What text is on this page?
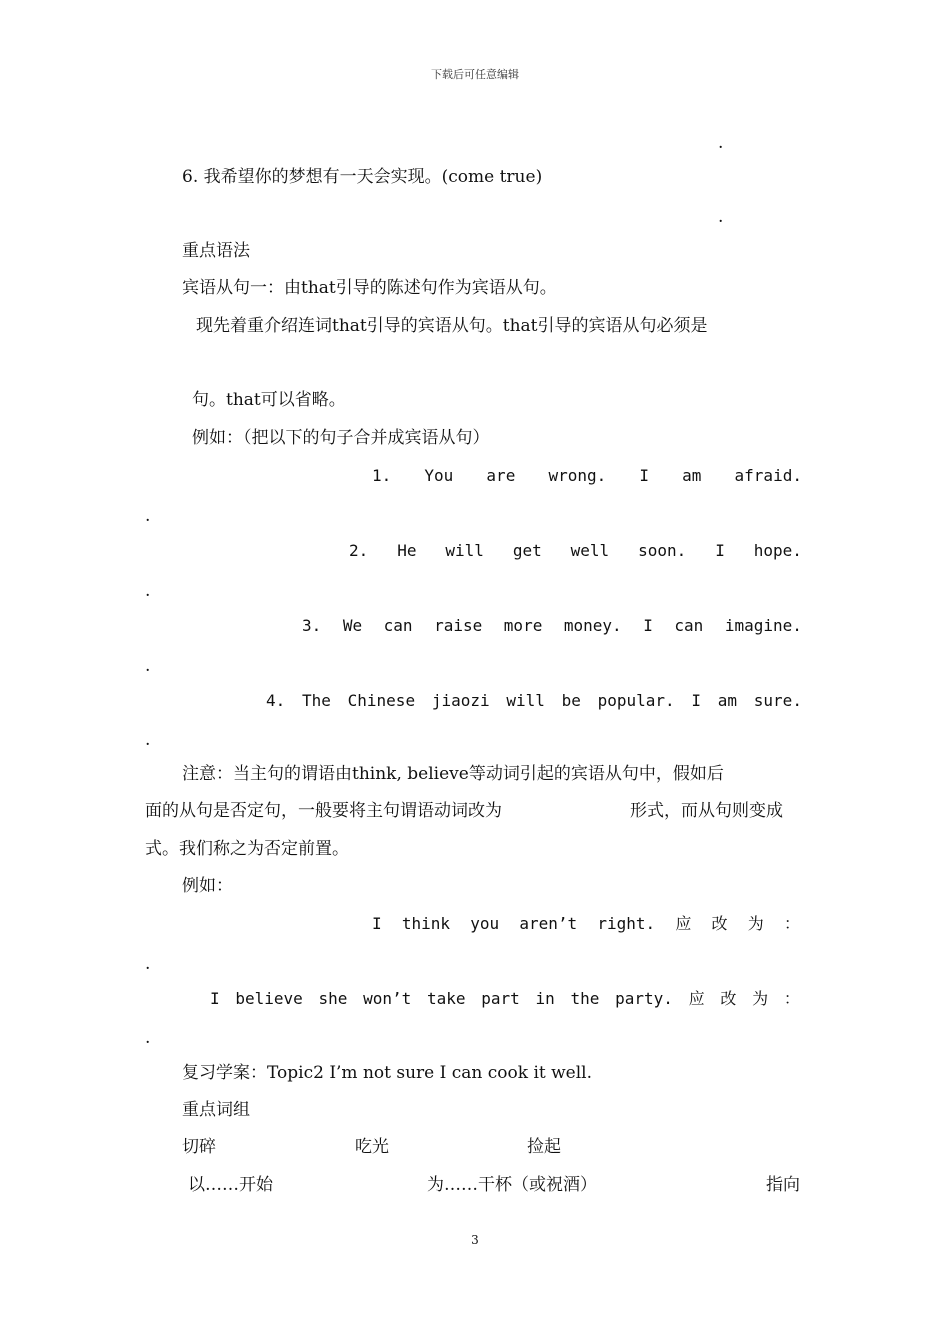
下载后可任意编辑
.
6. 我希望你的梦想有一天会实现。(come true)
.
重点语法
宾语从句一：由that引导的陈述句作为宾语从句。
现先着重介绍连词that引导的宾语从句。that引导的宾语从句必须是
句。that可以省略。
例如：（把以下的句子合并成宾语从句）
1. You are wrong. I am afraid.
.
2. He will get well soon. I hope.
.
3. We can raise more money. I can imagine.
.
4. The Chinese jiaozi will be popular. I am sure.
.
注意：当主句的谓语由think, believe等动词引起的宾语从句中，假如后
面的从句是否定句，一般要将主句谓语动词改为	形式，而从句则变成
式。我们称之为否定前置。
例如：
I think you aren’t right. 应 改 为 ：
.
I believe she won’t take part in the party. 应 改 为 ：
.
复习学案：Topic2 I’m not sure I can cook it well.
重点词组
切碎	吃光	捡起
以……开始	为……干杯（或祝酒）	指向
3
